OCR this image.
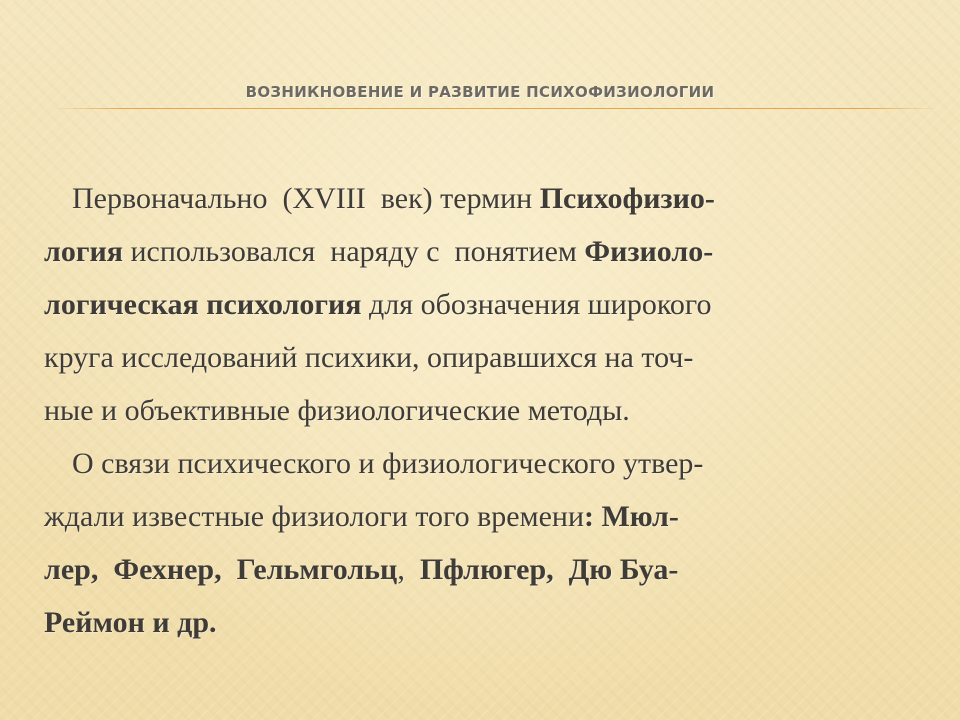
ВОЗНИКНОВЕНИЕ И РАЗВИТИЕ ПСИХОФИЗИОЛОГИИ
Первоначально  (XVIII  век) термин Психофизио-
логия использовался  наряду с  понятием Физиоло-
логическая психология для обозначения широкого
круга исследований психики, опиравшихся на точ-
ные и объективные физиологические методы.
О связи психического и физиологического утвер-
ждали известные физиологи того времени: Мюл-
лер,  Фехнер,  Гельмгольц,  Пфлюгер,  Дю Буа-
Реймон и др.
